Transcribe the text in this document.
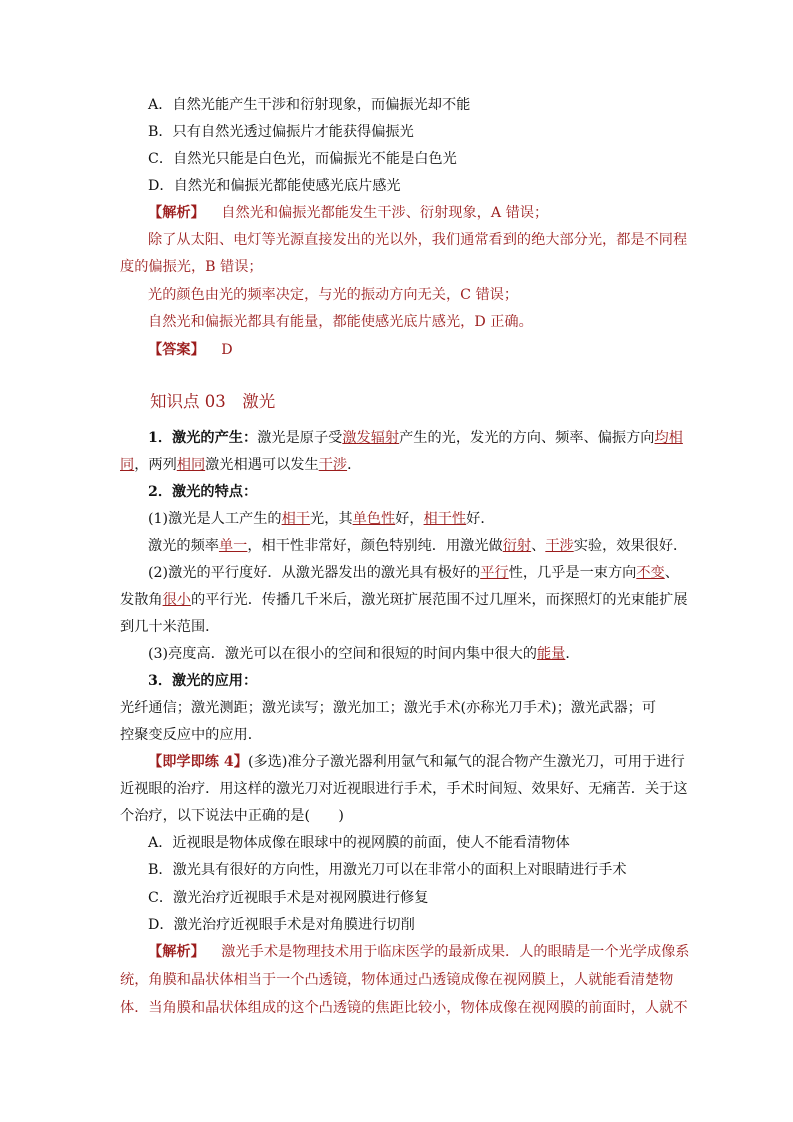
A．自然光能产生干涉和衍射现象，而偏振光却不能
B．只有自然光透过偏振片才能获得偏振光
C．自然光只能是白色光，而偏振光不能是白色光
D．自然光和偏振光都能使感光底片感光
【解析】 自然光和偏振光都能发生干涉、衍射现象，A 错误；
除了从太阳、电灯等光源直接发出的光以外，我们通常看到的绝大部分光，都是不同程
度的偏振光，B 错误；
光的颜色由光的频率决定，与光的振动方向无关，C 错误；
自然光和偏振光都具有能量，都能使感光底片感光，D 正确。
【答案】 D
知识点 03　激光
1．激光的产生：激光是原子受激发辐射产生的光，发光的方向、频率、偏振方向均相
同，两列相同激光相遇可以发生干涉．
2．激光的特点：
(1)激光是人工产生的相干光，其单色性好，相干性好．
激光的频率单一，相干性非常好，颜色特别纯．用激光做衍射、干涉实验，效果很好．
(2)激光的平行度好．从激光器发出的激光具有极好的平行性，几乎是一束方向不变、
发散角很小的平行光．传播几千米后，激光斑扩展范围不过几厘米，而探照灯的光束能扩展
到几十米范围．
(3)亮度高．激光可以在很小的空间和很短的时间内集中很大的能量．
3．激光的应用：
光纤通信；激光测距；激光读写；激光加工；激光手术(亦称光刀手术)；激光武器；可
控聚变反应中的应用．
【即学即练 4】(多选)准分子激光器利用氩气和氟气的混合物产生激光刀，可用于进行
近视眼的治疗．用这样的激光刀对近视眼进行手术，手术时间短、效果好、无痛苦．关于这
个治疗，以下说法中正确的是(　　)
A．近视眼是物体成像在眼球中的视网膜的前面，使人不能看清物体
B．激光具有很好的方向性，用激光刀可以在非常小的面积上对眼睛进行手术
C．激光治疗近视眼手术是对视网膜进行修复
D．激光治疗近视眼手术是对角膜进行切削
【解析】 激光手术是物理技术用于临床医学的最新成果．人的眼睛是一个光学成像系
统，角膜和晶状体相当于一个凸透镜，物体通过凸透镜成像在视网膜上，人就能看清楚物
体．当角膜和晶状体组成的这个凸透镜的焦距比较小，物体成像在视网膜的前面时，人就不
